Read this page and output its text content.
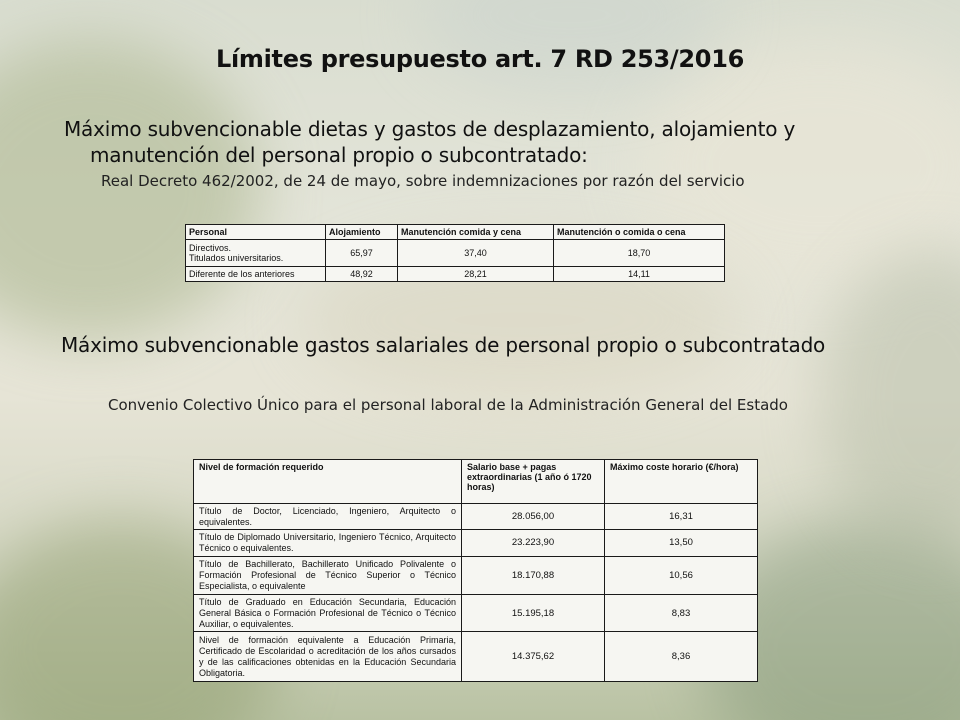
Límites presupuesto art. 7 RD 253/2016
Máximo subvencionable dietas y gastos de desplazamiento, alojamiento y
manutención del personal propio o subcontratado:
Real Decreto 462/2002, de 24 de mayo, sobre indemnizaciones por razón del servicio
Personal	Alojamiento	Manutención comida y cena	Manutención o comida o cena
Directivos.
Titulados universitarios.	65,97	37,40	18,70
Diferente de los anteriores	48,92	28,21	14,11
Máximo subvencionable gastos salariales de personal propio o subcontratado
Convenio Colectivo Único para el personal laboral de la Administración General del Estado
Nivel de formación requerido	Salario base + pagas extraordinarias (1 año ó 1720 horas)	Máximo coste horario (€/hora)
Título de Doctor, Licenciado, Ingeniero, Arquitecto o equivalentes.	28.056,00	16,31
Título de Diplomado Universitario, Ingeniero Técnico, Arquitecto Técnico o equivalentes.	23.223,90	13,50
Título de Bachillerato, Bachillerato Unificado Polivalente o Formación Profesional de Técnico Superior o Técnico Especialista, o equivalente	18.170,88	10,56
Título de Graduado en Educación Secundaria, Educación General Básica o Formación Profesional de Técnico o Técnico Auxiliar, o equivalentes.	15.195,18	8,83
Nivel de formación equivalente a Educación Primaria, Certificado de Escolaridad o acreditación de los años cursados y de las calificaciones obtenidas en la Educación Secundaria Obligatoria.	14.375,62	8,36
